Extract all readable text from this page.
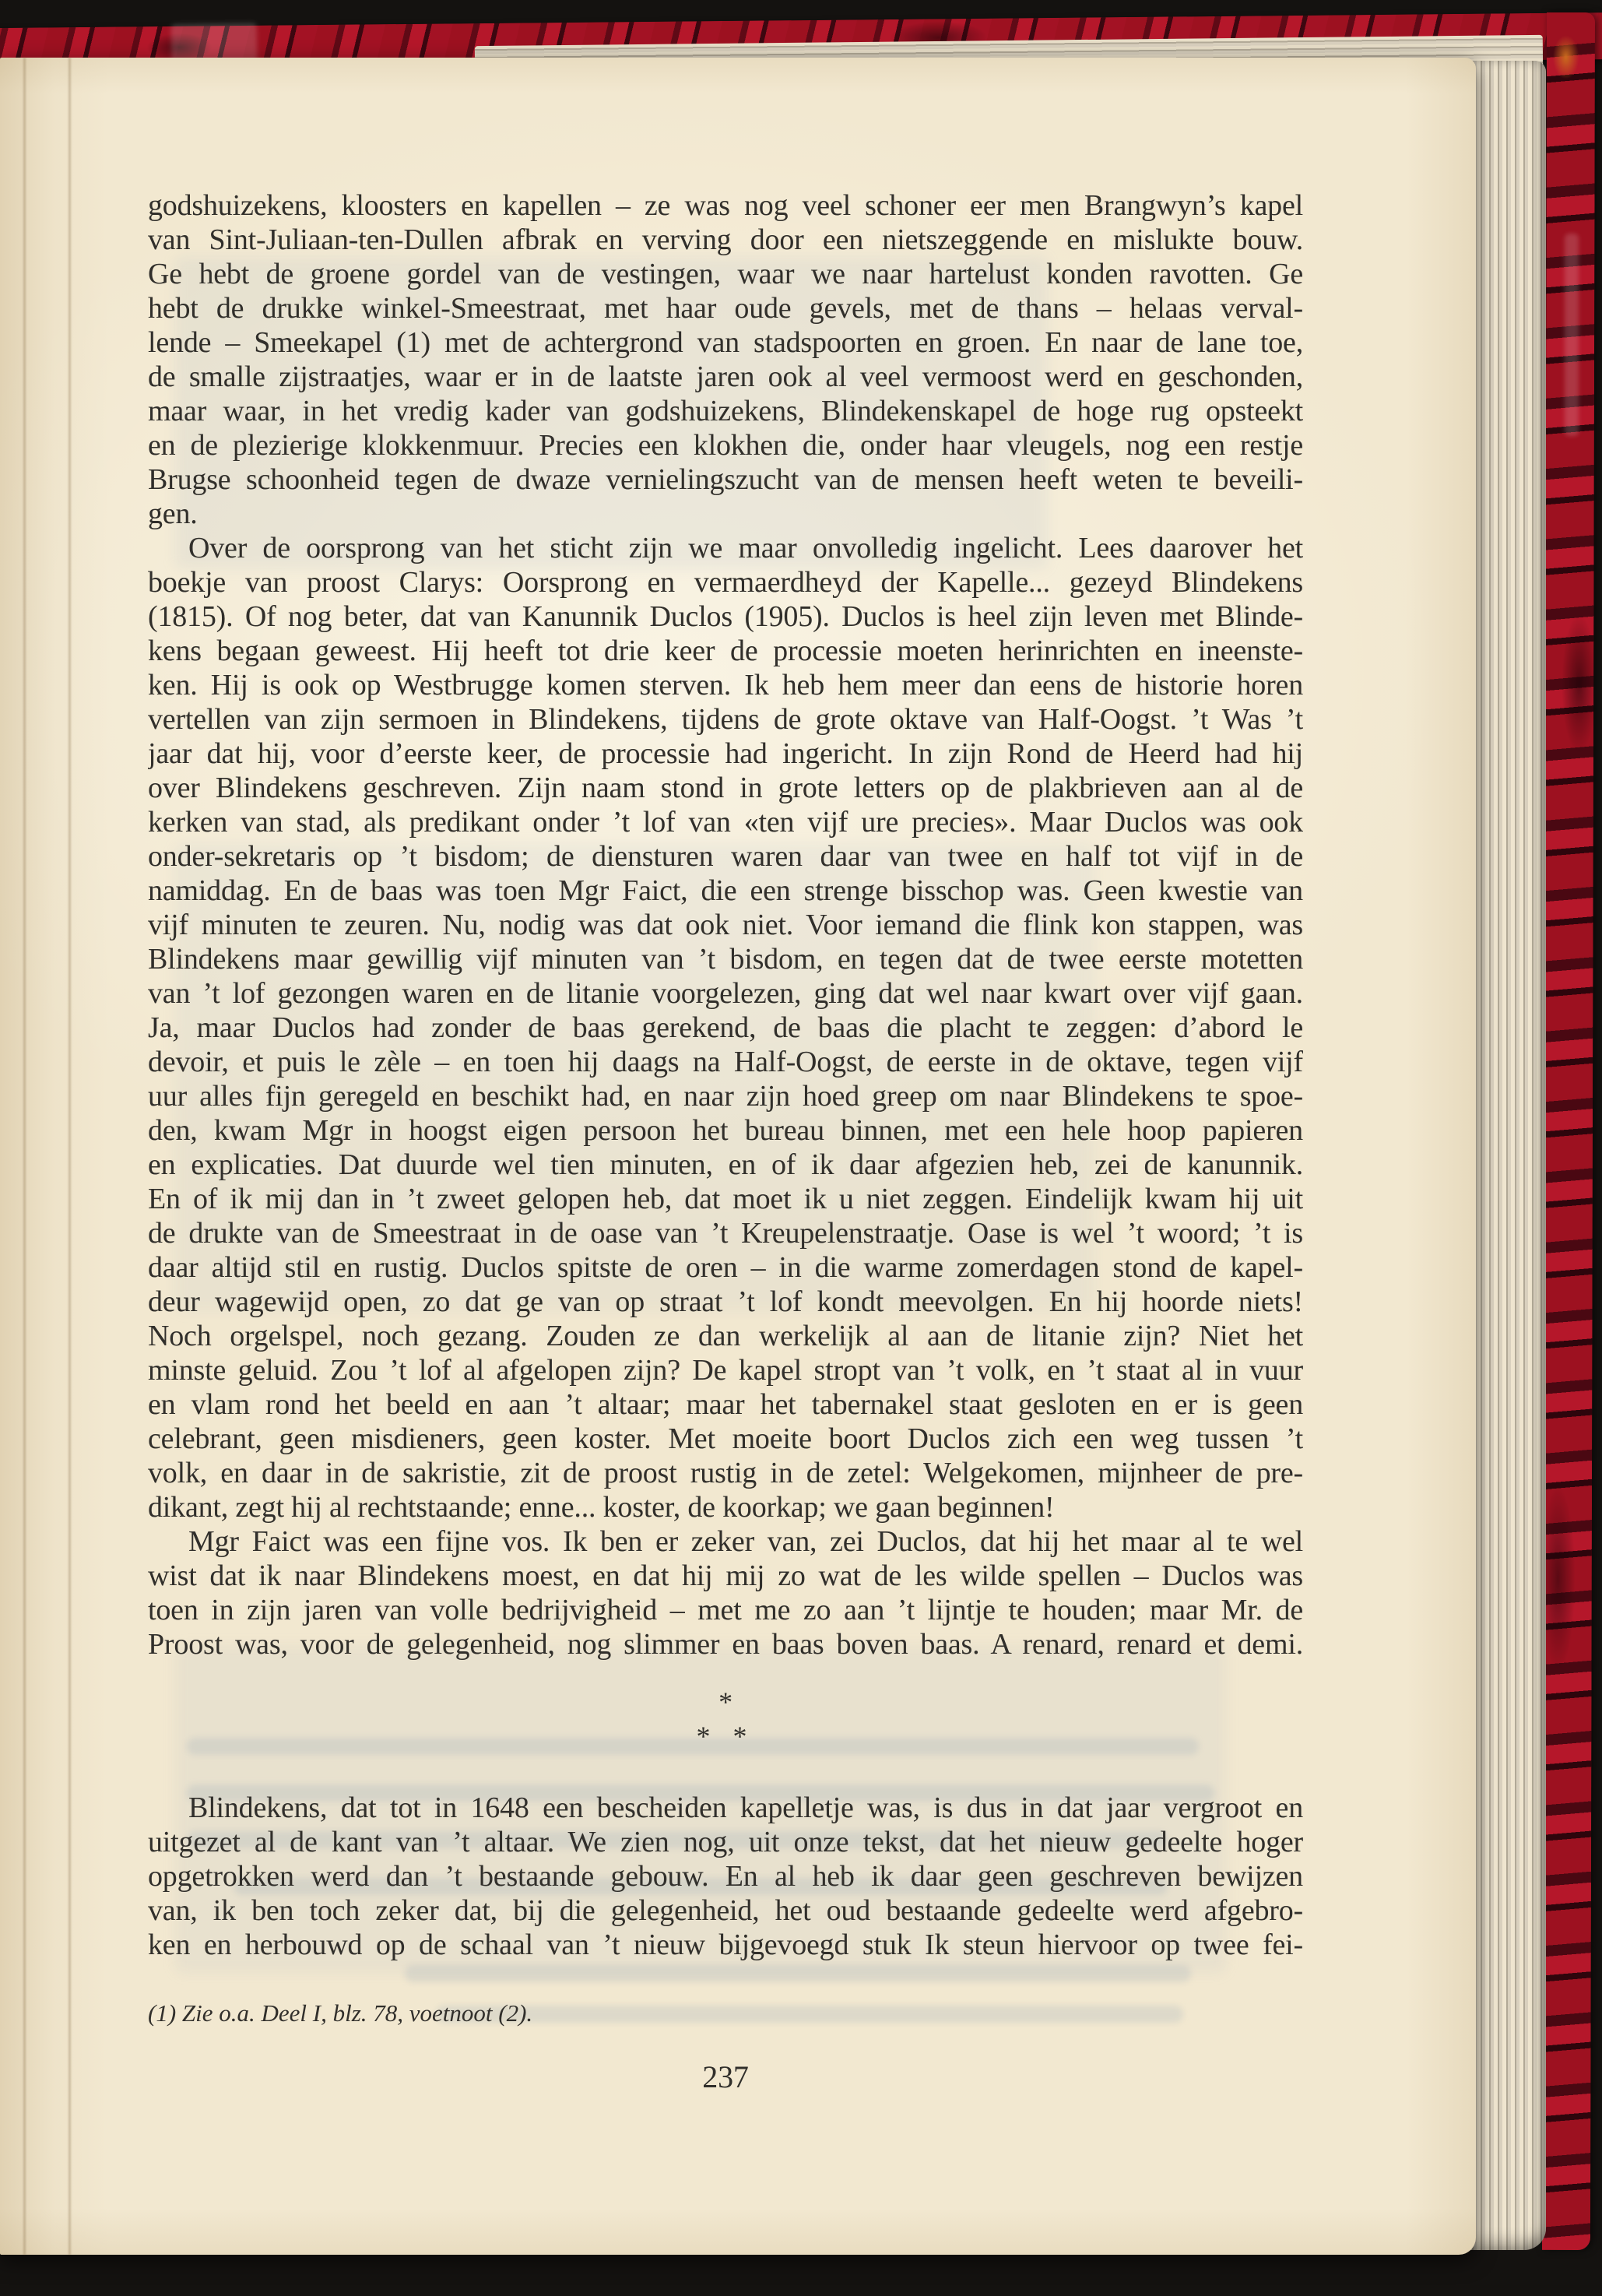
godshuizekens, kloosters en kapellen – ze was nog veel schoner eer men Brangwyn’s kapel
van Sint-Juliaan-ten-Dullen afbrak en verving door een nietszeggende en mislukte bouw.
Ge hebt de groene gordel van de vestingen, waar we naar hartelust konden ravotten. Ge
hebt de drukke winkel-Smeestraat, met haar oude gevels, met de thans – helaas verval-
lende – Smeekapel (1) met de achtergrond van stadspoorten en groen. En naar de lane toe,
de smalle zijstraatjes, waar er in de laatste jaren ook al veel vermoost werd en geschonden,
maar waar, in het vredig kader van godshuizekens, Blindekenskapel de hoge rug opsteekt
en de plezierige klokkenmuur. Precies een klokhen die, onder haar vleugels, nog een restje
Brugse schoonheid tegen de dwaze vernielingszucht van de mensen heeft weten te beveili-
gen.
Over de oorsprong van het sticht zijn we maar onvolledig ingelicht. Lees daarover het
boekje van proost Clarys: Oorsprong en vermaerdheyd der Kapelle... gezeyd Blindekens
(1815). Of nog beter, dat van Kanunnik Duclos (1905). Duclos is heel zijn leven met Blinde-
kens begaan geweest. Hij heeft tot drie keer de processie moeten herinrichten en ineenste-
ken. Hij is ook op Westbrugge komen sterven. Ik heb hem meer dan eens de historie horen
vertellen van zijn sermoen in Blindekens, tijdens de grote oktave van Half-Oogst. ’t Was ’t
jaar dat hij, voor d’eerste keer, de processie had ingericht. In zijn Rond de Heerd had hij
over Blindekens geschreven. Zijn naam stond in grote letters op de plakbrieven aan al de
kerken van stad, als predikant onder ’t lof van «ten vijf ure precies». Maar Duclos was ook
onder-sekretaris op ’t bisdom; de diensturen waren daar van twee en half tot vijf in de
namiddag. En de baas was toen Mgr Faict, die een strenge bisschop was. Geen kwestie van
vijf minuten te zeuren. Nu, nodig was dat ook niet. Voor iemand die flink kon stappen, was
Blindekens maar gewillig vijf minuten van ’t bisdom, en tegen dat de twee eerste motetten
van ’t lof gezongen waren en de litanie voorgelezen, ging dat wel naar kwart over vijf gaan.
Ja, maar Duclos had zonder de baas gerekend, de baas die placht te zeggen: d’abord le
devoir, et puis le zèle – en toen hij daags na Half-Oogst, de eerste in de oktave, tegen vijf
uur alles fijn geregeld en beschikt had, en naar zijn hoed greep om naar Blindekens te spoe-
den, kwam Mgr in hoogst eigen persoon het bureau binnen, met een hele hoop papieren
en explicaties. Dat duurde wel tien minuten, en of ik daar afgezien heb, zei de kanunnik.
En of ik mij dan in ’t zweet gelopen heb, dat moet ik u niet zeggen. Eindelijk kwam hij uit
de drukte van de Smeestraat in de oase van ’t Kreupelenstraatje. Oase is wel ’t woord; ’t is
daar altijd stil en rustig. Duclos spitste de oren – in die warme zomerdagen stond de kapel-
deur wagewijd open, zo dat ge van op straat ’t lof kondt meevolgen. En hij hoorde niets!
Noch orgelspel, noch gezang. Zouden ze dan werkelijk al aan de litanie zijn? Niet het
minste geluid. Zou ’t lof al afgelopen zijn? De kapel stropt van ’t volk, en ’t staat al in vuur
en vlam rond het beeld en aan ’t altaar; maar het tabernakel staat gesloten en er is geen
celebrant, geen misdieners, geen koster. Met moeite boort Duclos zich een weg tussen ’t
volk, en daar in de sakristie, zit de proost rustig in de zetel: Welgekomen, mijnheer de pre-
dikant, zegt hij al rechtstaande; enne... koster, de koorkap; we gaan beginnen!
Mgr Faict was een fijne vos. Ik ben er zeker van, zei Duclos, dat hij het maar al te wel
wist dat ik naar Blindekens moest, en dat hij mij zo wat de les wilde spellen – Duclos was
toen in zijn jaren van volle bedrijvigheid – met me zo aan ’t lijntje te houden; maar Mr. de
Proost was, voor de gelegenheid, nog slimmer en baas boven baas. A renard, renard et demi.
*
* *
Blindekens, dat tot in 1648 een bescheiden kapelletje was, is dus in dat jaar vergroot en
uitgezet al de kant van ’t altaar. We zien nog, uit onze tekst, dat het nieuw gedeelte hoger
opgetrokken werd dan ’t bestaande gebouw. En al heb ik daar geen geschreven bewijzen
van, ik ben toch zeker dat, bij die gelegenheid, het oud bestaande gedeelte werd afgebro-
ken en herbouwd op de schaal van ’t nieuw bijgevoegd stuk Ik steun hiervoor op twee fei-
(1) Zie o.a. Deel I, blz. 78, voetnoot (2).
237
